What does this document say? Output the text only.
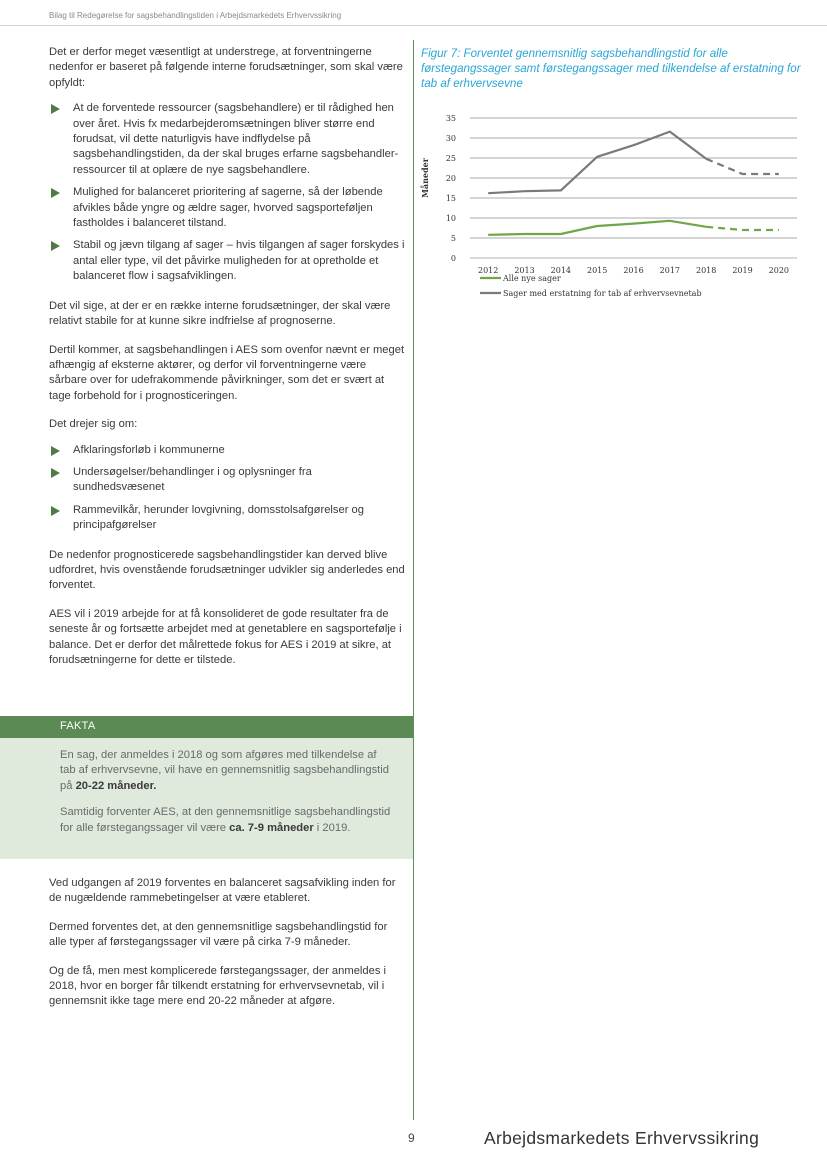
Bilag til Redegørelse for sagsbehandlingstiden i Arbejdsmarkedets Erhvervssikring

Det er derfor meget væsentligt at understrege, at forventningerne nedenfor er baseret på følgende interne forudsætninger, som skal være opfyldt:

At de forventede ressourcer (sagsbehandlere) er til rådighed hen over året. Hvis fx medarbejderomsætningen bliver større end forudsat, vil dette naturligvis have indflydelse på sagsbehandlingstiden, da der skal bruges erfarne sagsbehandler-ressourcer til at oplære de nye sagsbehandlere.
Mulighed for balanceret prioritering af sagerne, så der løbende afvikles både yngre og ældre sager, hvorved sagsporteføljen fastholdes i balanceret tilstand.
Stabil og jævn tilgang af sager – hvis tilgangen af sager forskydes i antal eller type, vil det påvirke muligheden for at opretholde et balanceret flow i sagsafviklingen.

Det vil sige, at der er en række interne forudsætninger, der skal være relativt stabile for at kunne sikre indfrielse af prognoserne.

Dertil kommer, at sagsbehandlingen i AES som ovenfor nævnt er meget afhængig af eksterne aktører, og derfor vil forventningerne være sårbare over for udefrakommende påvirkninger, som det er svært at tage forbehold for i prognosticeringen.

Det drejer sig om:

Afklaringsforløb i kommunerne
Undersøgelser/behandlinger i og oplysninger fra sundhedsvæsenet
Rammevilkår, herunder lovgivning, domsstolsafgørelser og principafgørelser

De nedenfor prognosticerede sagsbehandlingstider kan derved blive udfordret, hvis ovenstående forudsætninger udvikler sig anderledes end forventet.

AES vil i 2019 arbejde for at få konsolideret de gode resultater fra de seneste år og fortsætte arbejdet med at genetablere en sagsportefølje i balance. Det er derfor det målrettede fokus for AES i 2019 at sikre, at forudsætningerne for dette er tilstede.

FAKTA

En sag, der anmeldes i 2018 og som afgøres med tilkendelse af tab af erhvervsevne, vil have en gennemsnitlig sagsbehandlingstid på 20-22 måneder.

Samtidig forventer AES, at den gennemsnitlige sagsbehandlingstid for alle førstegangssager vil være ca. 7-9 måneder i 2019.

Ved udgangen af 2019 forventes en balanceret sagsafvikling inden for de nugældende rammebetingelser at være etableret.

Dermed forventes det, at den gennemsnitlige sagsbehandlingstid for alle typer af førstegangssager vil være på cirka 7-9 måneder.

Og de få, men mest komplicerede førstegangssager, der anmeldes i 2018, hvor en borger får tilkendt erstatning for erhvervsevnetab, vil i gennemsnit ikke tage mere end 20-22 måneder at afgøre.

Figur 7: Forventet gennemsnitlig sagsbehandlingstid for alle førstegangssager samt førstegangssager med tilkendelse af erstatning for tab af erhvervsevne
0
5
10
15
20
25
30
35
2012 2013 2014 2015 2016 2017 2018 2019 2020
Måneder
Alle nye sager
Sager med erstatning for tab af erhvervsevnetab
9	Arbejdsmarkedets Erhvervssikring
